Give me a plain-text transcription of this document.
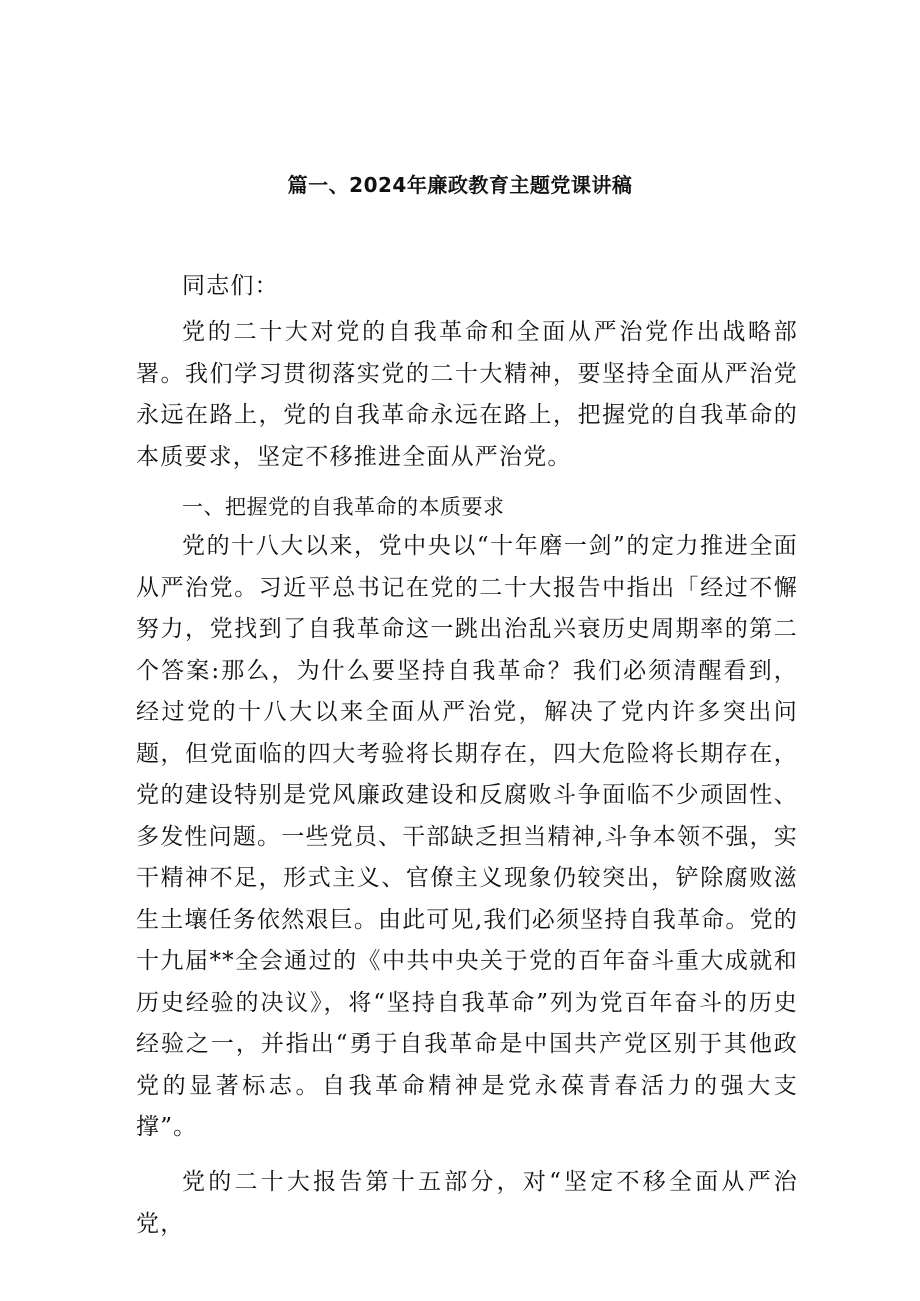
篇一、2024年廉政教育主题党课讲稿
同志们：

党的二十大对党的自我革命和全面从严治党作出战略部署。我们学习贯彻落实党的二十大精神，要坚持全面从严治党永远在路上，党的自我革命永远在路上，把握党的自我革命的本质要求，坚定不移推进全面从严治党。

一、把握党的自我革命的本质要求

党的十八大以来，党中央以“十年磨一剑”的定力推进全面从严治党。习近平总书记在党的二十大报告中指出「经过不懈努力，党找到了自我革命这一跳出治乱兴衰历史周期率的第二个答案:那么，为什么要坚持自我革命？我们必须清醒看到，经过党的十八大以来全面从严治党，解决了党内许多突出问题，但党面临的四大考验将长期存在，四大危险将长期存在，党的建设特别是党风廉政建设和反腐败斗争面临不少顽固性、多发性问题。一些党员、干部缺乏担当精神,斗争本领不强，实干精神不足，形式主义、官僚主义现象仍较突出，铲除腐败滋生土壤任务依然艰巨。由此可见,我们必须坚持自我革命。党的十九届**全会通过的《中共中央关于党的百年奋斗重大成就和历史经验的决议》，将“坚持自我革命”列为党百年奋斗的历史经验之一，并指出“勇于自我革命是中国共产党区别于其他政党的显著标志。自我革命精神是党永葆青春活力的强大支撑”。

党的二十大报告第十五部分，对“坚定不移全面从严治党，
